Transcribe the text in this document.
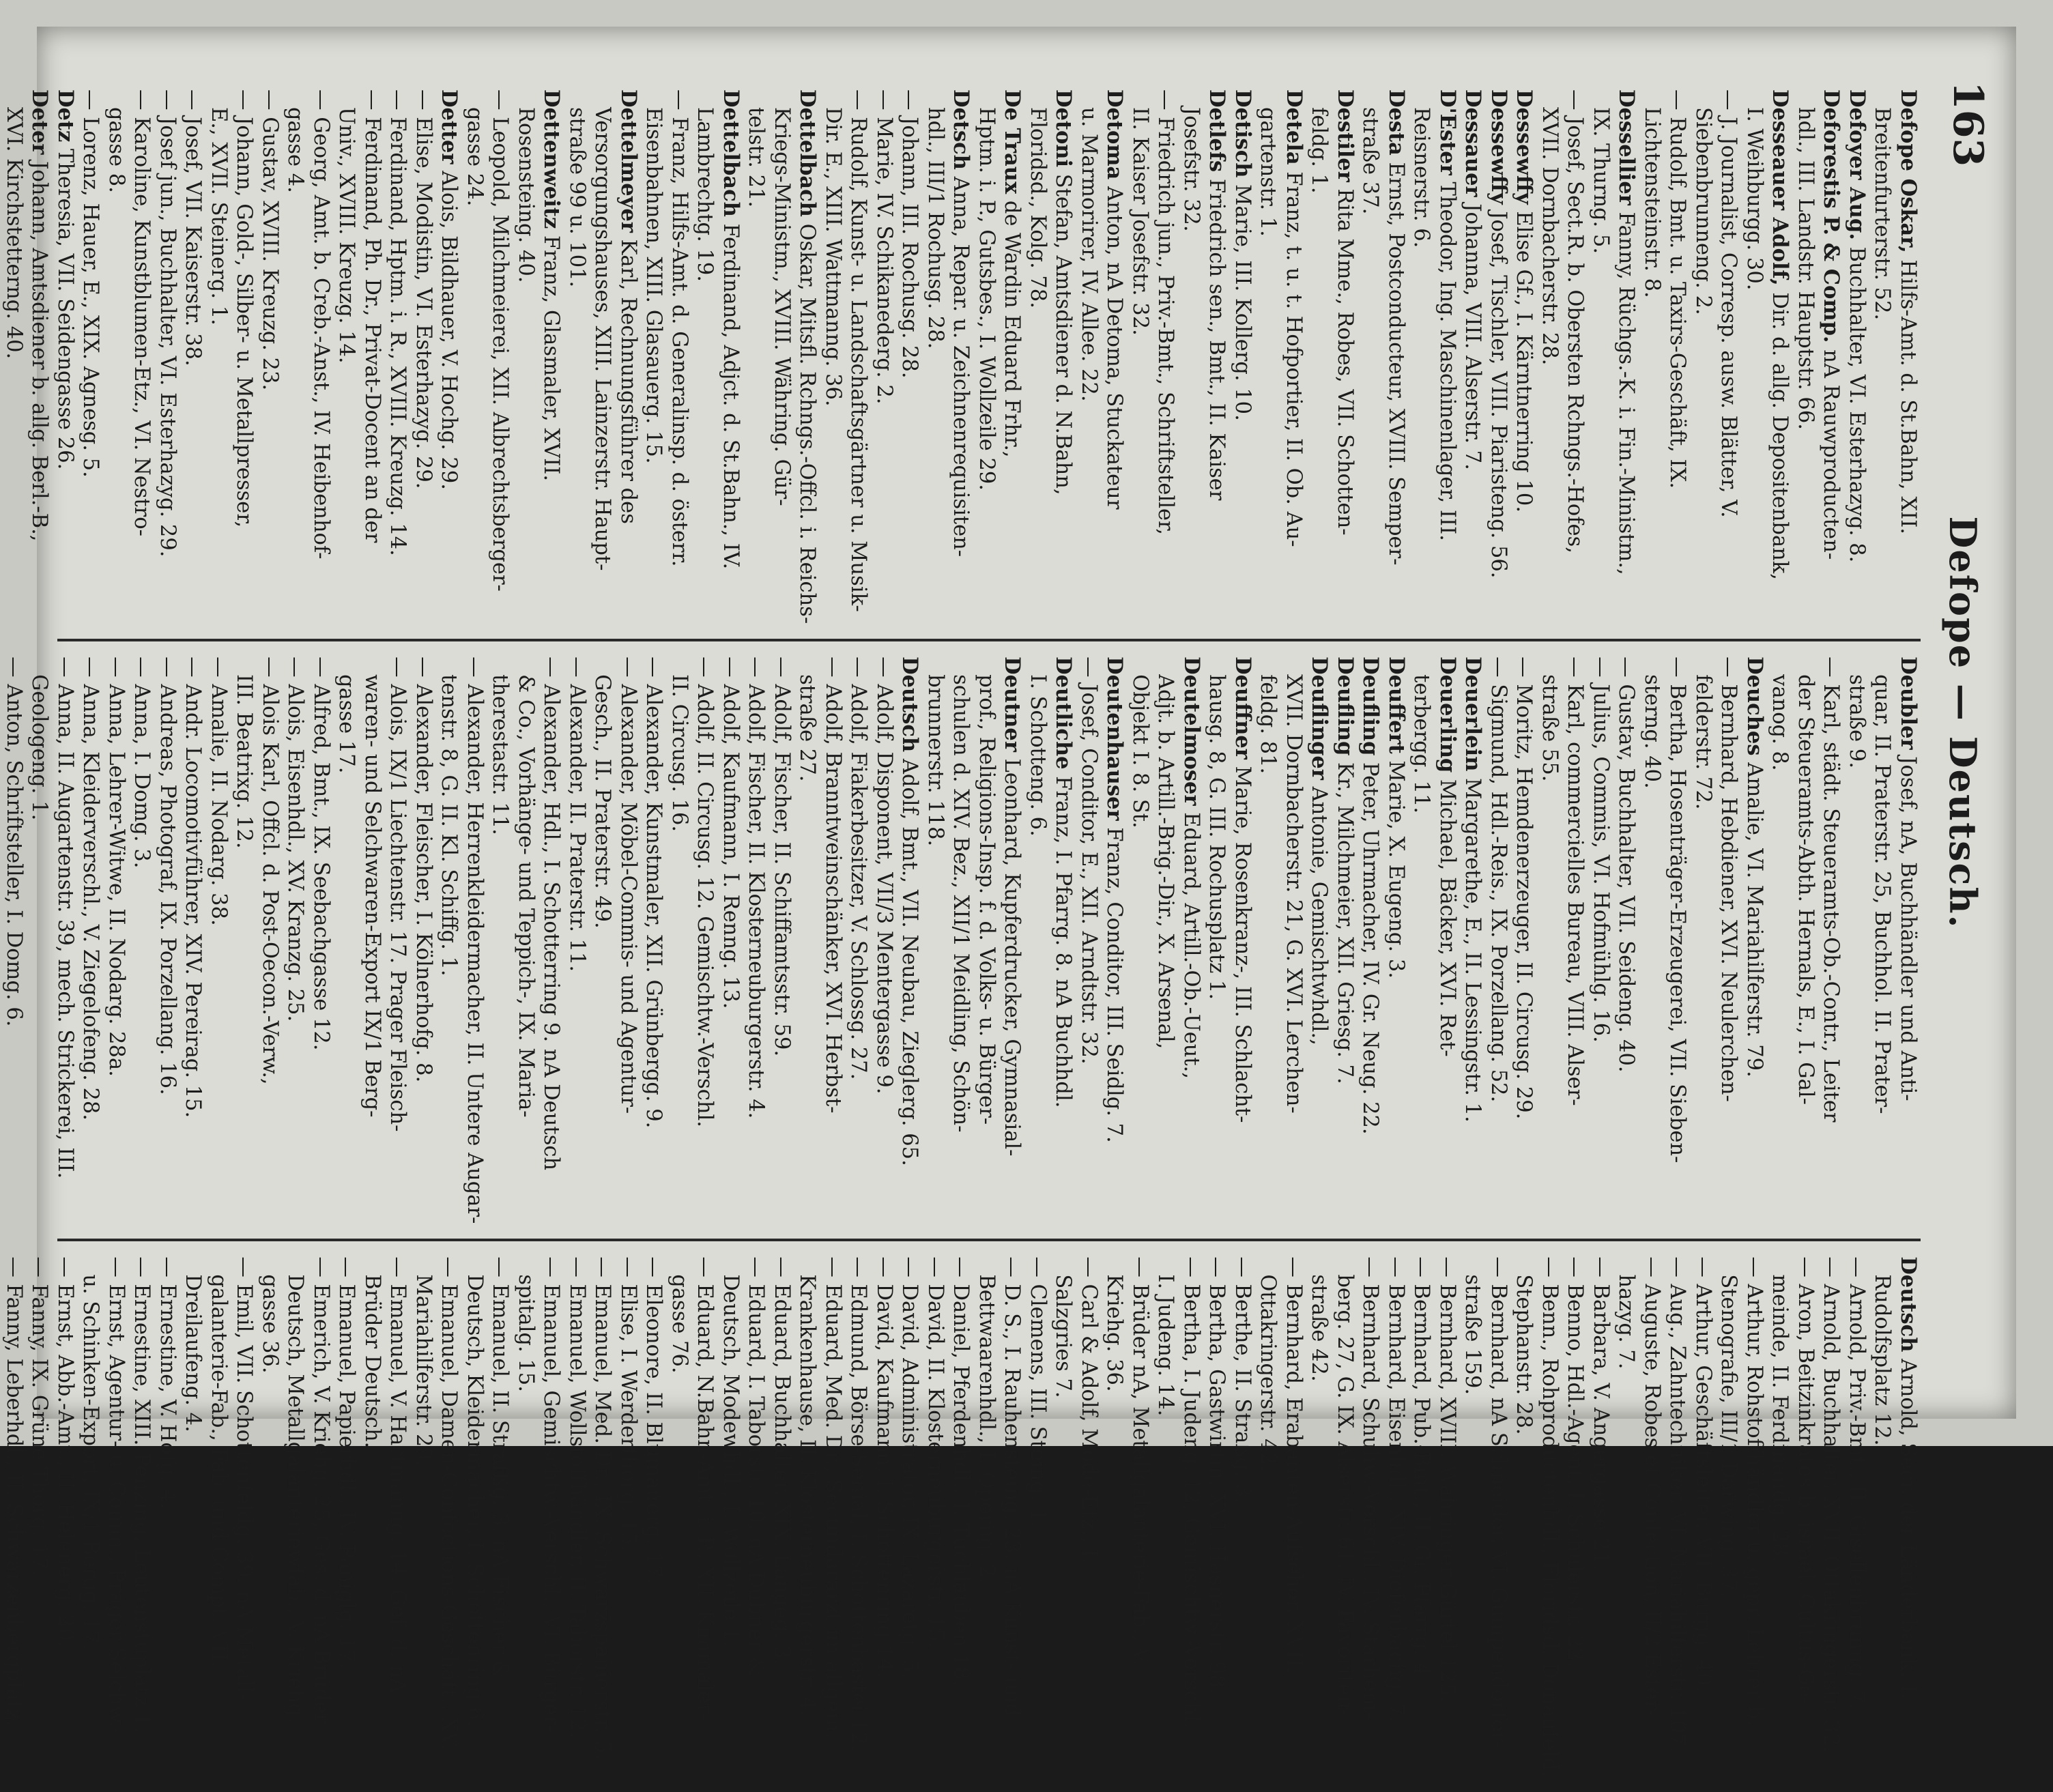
163
Defope — Deutsch.
Defope Oskar, Hilfs-Amt. d. St.Bahn, XII.
Breitenfurterstr. 52.
Defoyer Aug. Buchhalter, VI. Esterhazyg. 8.
Deforestis P. & Comp. nA Rauwproducten-
hdl., III. Landstr. Hauptstr. 66.
Desseauer Adolf, Dir. d. allg. Depositenbank,
I. Weihburgg. 30.
— J. Journalist, Corresp. ausw. Blätter, V.
Siebenbrunneng. 2.
— Rudolf, Bmt. u. Taxirs-Geschäft, IX.
Lichtensteinstr. 8.
Dessellier Fanny, Rüchgs.-K. i. Fin.-Ministm.,
IX. Thurng. 5.
— Josef, Sect.R. b. Obersten Rchngs.-Hofes,
XVII. Dornbacherstr. 28.
Dessewffy Elise Gf., I. Kärntnerring 10.
Dessewffy Josef, Tischler, VIII. Piaristeng. 56.
Dessauer Johanna, VIII. Alserstr. 7.
D'Ester Theodor, Ing. Maschinenlager, III.
Reisnerstr. 6.
Desta Ernst, Postconducteur, XVIII. Semper-
straße 37.
Destiler Rita Mme., Robes, VII. Schotten-
feldg. 1.
Detela Franz, t. u. t. Hofportier, II. Ob. Au-
gartenstr. 1.
Detisch Marie, III. Kollerg. 10.
Detlefs Friedrich sen., Bmt., II. Kaiser
Josefstr. 32.
— Friedrich jun., Priv.-Bmt., Schriftsteller,
II. Kaiser Josefstr. 32.
Detoma Anton, nA Detoma, Stuckateur
u. Marmorirer, IV. Allee. 22.
Detoni Stefan, Amtsdiener d. N.Bahn,
Floridsd., Kolg. 78.
De Traux de Wardin Eduard Frhr.,
Hptm. i. P., Gutsbes., I. Wollzeile 29.
Detsch Anna, Repar. u. Zeichnenrequisiten-
hdl., III/1 Rochusg. 28.
— Johann, III. Rochusg. 28.
— Marie, IV. Schikanederg. 2.
— Rudolf, Kunst- u. Landschaftsgärtner u. Musik-
Dir. E., XIII. Wattmanng. 36.
Dettelbach Oskar, Mitsfl. Rchngs.-Offcl. i. Reichs-
Kriegs-Ministm., XVIII. Währing. Gür-
telstr. 21.
Dettelbach Ferdinand, Adjct. d. St.Bahn., IV.
Lambrechtg. 19.
— Franz, Hilfs-Amt. d. Generalinsp. d. österr.
Eisenbahnen, XIII. Glasauerg. 15.
Dettelmeyer Karl, Rechnungsführer des
Versorgungshauses, XIII. Lainzerstr. Haupt-
straße 99 u. 101.
Dettenweitz Franz, Glasmaler, XVII.
Rosensteing. 40.
— Leopold, Milchmeierei, XII. Albrechtsberger-
gasse 24.
Detter Alois, Bildhauer, V. Hochg. 29.
— Elise, Modistin, VI. Esterhazyg. 29.
— Ferdinand, Hptm. i. R., XVIII. Kreuzg. 14.
— Ferdinand, Ph. Dr., Privat-Docent an der
Univ., XVIII. Kreuzg. 14.
— Georg, Amt. b. Creb.-Anst., IV. Heibenhof-
gasse 4.
— Gustav, XVIII. Kreuzg. 23.
— Johann, Gold-, Silber- u. Metallpresser,
E., XVII. Steinerg. 1.
— Josef, VII. Kaiserstr. 38.
— Josef jun., Buchhalter, VI. Esterhazyg. 29.
— Karoline, Kunstblumen-Etz., VI. Nestro-
gasse 8.
— Lorenz, Hauer, E., XIX. Agnesg. 5.
Detz Theresia, VII. Seidengasse 26.
Deter Johann, Amtsdiener b. allg. Berl.-B.,
XVI. Kirchstetterng. 40.
Deubler Josef, nA, Buchhändler und Anti-
quar, II. Praterstr. 25, Buchhol. II. Prater-
straße 9.
— Karl, städt. Steueramts-Ob.-Contr., Leiter
der Steueramts-Abth. Hernals, E., I. Gal-
vanog. 8.
Deuches Amalie, VI. Mariahilferstr. 79.
— Bernhard, Hebdiener, XVI. Neulerchen-
felderstr. 72.
— Bertha, Hosenträger-Erzeugerei, VII. Sieben-
sterng. 40.
— Gustav, Buchhalter, VII. Seideng. 40.
— Julius, Commis, VI. Hofmühlg. 16.
— Karl, commercielles Bureau, VIII. Alser-
straße 55.
— Moritz, Hemdenerzeuger, II. Circusg. 29.
— Sigmund, Hdl.-Reis., IX. Porzellang. 52.
Deuerlein Margarethe, E., II. Lessingstr. 1.
Deuerling Michael, Bäcker, XVI. Ret-
terbergg. 11.
Deuffert Marie, X. Eugeng. 3.
Deufling Peter, Uhrmacher, IV. Gr. Neug. 22.
Deufling Kr., Milchmeier, XII. Griesg. 7.
Deuflinger Antonie, Gemischtwhdl.,
XVII. Dornbacherstr. 21, G. XVI. Lerchen-
feldg. 81.
Deuffner Marie, Rosenkranz-, III. Schlacht-
hausg. 8, G. III. Rochusplatz 1.
Deutelmoser Eduard, Artill.-Ob.-Ueut.,
Adjt. b. Artill.-Brig.-Dir., X. Arsenal,
Objekt I. 8. St.
Deutenhauser Franz, Conditor, III. Seidlg. 7.
— Josef, Conditor, E., XII. Arndtstr. 32.
Deutliche Franz, I. Pfarrg. 8. nA Buchhdl.
I. Schotteng. 6.
Deutner Leonhard, Kupferdrucker, Gymnasial-
prof., Religions-Insp. f. d. Volks- u. Bürger-
schulen d. XIV. Bez., XII/1 Meidling, Schön-
brunnerstr. 118.
Deutsch Adolf, Bmt., VII. Neubau, Zieglerg. 65.
— Adolf, Disponent, VII/3 Mentergasse 9.
— Adolf, Fiakerbesitzer, V. Schlossg. 27.
— Adolf, Branntweinschänker, XVI. Herbst-
straße 27.
— Adolf, Fischer, II. Schiffamtsstr. 59.
— Adolf, Fischer, II. Klosterneuburgerstr. 4.
— Adolf, Kaufmann, I. Renng. 13.
— Adolf, II. Circusg. 12. Gemischtw.-Verschl.
II. Circusg. 16.
— Alexander, Kunstmaler, XII. Grünbergg. 9.
— Alexander, Möbel-Commis- und Agentur-
Gesch., II. Praterstr. 49.
— Alexander, II. Praterstr. 11.
— Alexander, Hdl., I. Schotterring 9. nA Deutsch
& Co., Vorhänge- und Teppich-, IX. Maria-
therestastr. 11.
— Alexander, Herrenkleidermacher, II. Untere Augar-
tenstr. 8, G. II. Kl. Schiffg. 1.
— Alexander, Fleischer, I. Kölnerhofg. 8.
— Alois, IX/1 Liechtenstr. 17. Prager Fleisch-
waren- und Selchwaren-Export IX/1 Berg-
gasse 17.
— Alfred, Bmt., IX. Seebachgasse 12.
— Alois, Eisenhdl., XV. Kranzg. 25.
— Alois Karl, Offcl. d. Post-Oecon.-Verw.,
III. Beatrixg. 12.
— Amalie, II. Nodarg. 38.
— Andr. Locomotivführer, XIV. Pereirag. 15.
— Andreas, Photograf, IX. Porzellang. 16.
— Anna, I. Domg. 3.
— Anna, Lehrer-Witwe, II. Nodarg. 28a.
— Anna, Kleiderverschl., V. Ziegelofeng. 28.
— Anna, II. Augartenstr. 39, mech. Strickerei, III.
Geologeng. 1.
— Anton, Schriftsteller, I. Domg. 6.
Deutsch Arnold, Secr. der Länderbank, I.
Rudolfsplatz 12.
— Arnold, Priv.-Bmt., II. Gisellenbrunng. 7.
— Arnold, Buchhalter, XVII. Ottakringerstr. 32.
— Aron, Beitzinkrates b. israel. Cultus-Ge-
meinde, II. Ferdinandg. 28.
— Arthur, Rohstoffhändler u. gepr. Lehrer b.
Stenografie, III/1 Darwing. 37.
— Arthur, Geschäftsleiter, VII. Burgg. 40.
— Aug., Zahntechniker, VI. Mariahilferstr. 107.
— Auguste, Robes et Confection, II/2 Ester-
hazyg. 7.
— Barbara, V. Angergasse 21.
— Benno, Hdl.-Agent, I. Schulerstr. 22.
— Benn., Rohproductenhdl., Floridsd. Donaufeld,
Stephanstr. 28.
— Bernhard, nA Schneider, VI. Gumpendorfer-
straße 159.
— Bernhard, XVIII. Währinger Gürtel 125.
— Bernhard, Pub.-Bmt., II. Gr. Pfarrg. 4.
— Bernhard, Eisenhdl., XIV. Diefenbachg. 7.
— Bernhard, Schuhw.-Verschl., IV. Starhem-
berg. 27, G. IX. Alserstr. 61, IV. Favoriten-
straße 42.
— Bernhard, Erabanten-Aufseher, XVII.
Ottakringerstr. 42.
— Berthe, II. Straßg. 3.
— Bertha, Gastwirtin, XVI. Hasnerstr. 98.
— Bertha, I. Judeng. 12, Gemischtw.-Verschl.
I. Judeng. 14.
— Brüder nA, Metallgalanterie-Fab., V.
Kriehg. 36.
— Carl & Adolf, Mode-Etz., I.
Salzgries 7.
— Clemens, III. Steing. 1.
— D. S., I. Rauhensteing. 23, nA Kunst- und
Bettwaarenhdl., I. Operng. 2.
— Daniel, Pferdenhdl., I. Tuchlauben 18.
— David, II. Klosterneuburgerstr. 15.
— David, Administrator, IX. Lazaretg. 5.
— David, Kaufmann, I. Schottenring 14.
— Edmund, Börse-Senial, I. Schottenbastei 12.
— Eduard, Med. Dr., Secundararzt im allgem.
Krankenhause, II. Klosterneuburgerstr. 4.
— Eduard, Buchhalter, XIX. Langeg. 3.
— Eduard, I. Taborstr. 10, nA Dubner &
Deutsch, Modewhdl., I. Wollzeile 1.
— Eduard, N.Bahn-Amt. i. P., XII. Kimmaler-
gasse 76.
— Eleonore, II. Blumauerg. 17.
— Elise, I. Werderthorg. 15.
— Emanuel, Med. Dr., IX. Schwarzspanierstr. 5.
— Emanuel, Wollstoffhändler, II. Taborstr. 12.
— Emanuel, Gemischtw.-Verschl., VI. Bürger-
spitalg. 15.
— Emanuel, II. Strafßg. 3. nA Fischer &
Deutsch, Kleidermacher, I. Schottenring 6.
— Emanuel, Damen-Confections-Geschäft., XV.
Mariahilferstr. 29.
— Emanuel, V. Hartmanng. 14. Gef. d. nA
Brüder Deutsch.
— Emanuel, Papierhdl., IV. Paniglg. 17.
— Emerich, V. Kriehg. 25, Ges. d. nA Brüder
Deutsch, Metallgalanteriewfab., V. Kriehg.
gasse 36.
— Emil, VII. Schottenfeldg. 39. nA Metall-
galanterie-Fab., Fab. und Compt. VII.
Dreilaufeng. 4.
— Ernestine, V. Hofg. 4.
— Ernestine, XIII. Penzing, Leutenstuplatz 1.
— Ernst, Agentur- u. Comm., Prager Selchw.-
u. Schinken-Export, IX/1 Bergg. 17.
— Ernst, Abb.-Amt., II. Helenerg. 20.
— Fanny, IX. Grüne Thorg. 17.
— Fanny, Leberhdl., II. Schwarzenbergplatz.
